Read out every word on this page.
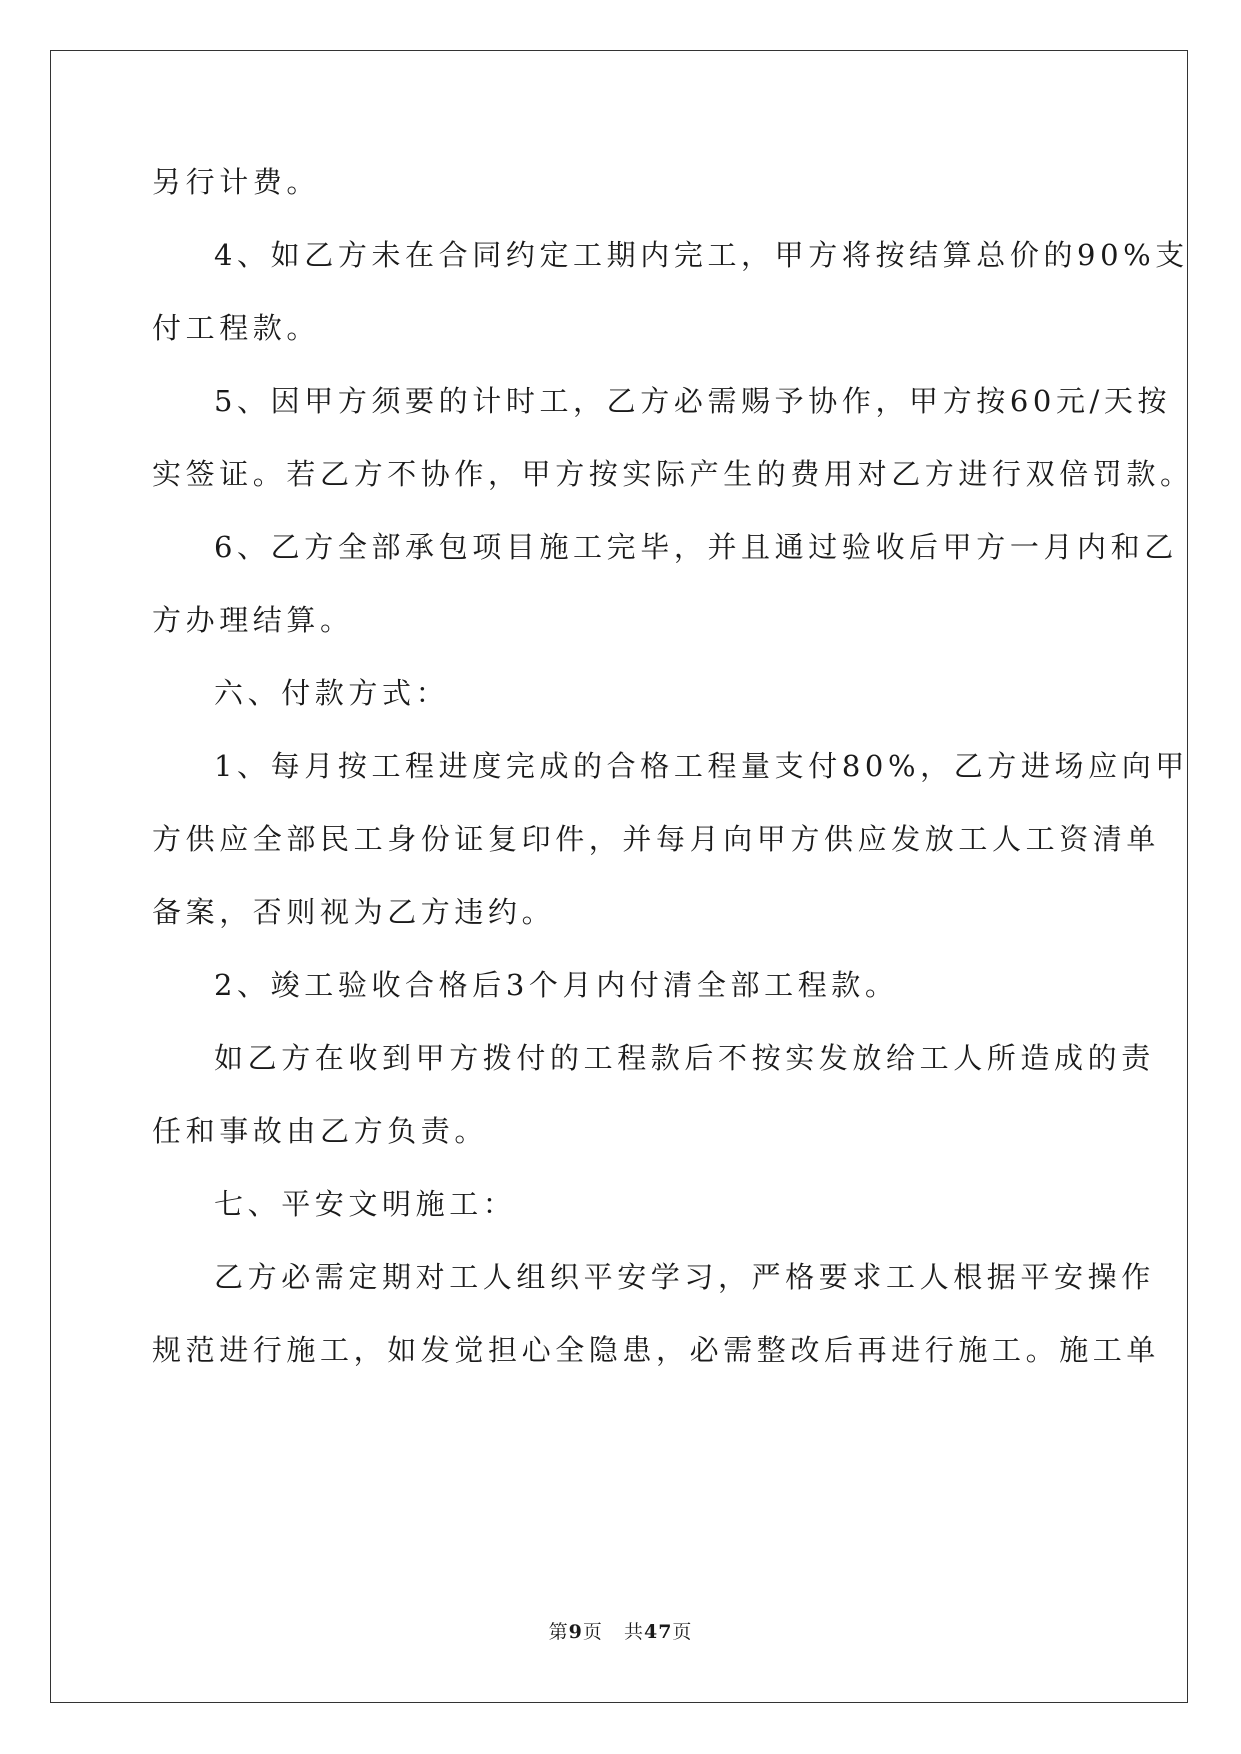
另行计费。
4、如乙方未在合同约定工期内完工，甲方将按结算总价的90%支
付工程款。
5、因甲方须要的计时工，乙方必需赐予协作，甲方按60元/天按
实签证。若乙方不协作，甲方按实际产生的费用对乙方进行双倍罚款。
6、乙方全部承包项目施工完毕，并且通过验收后甲方一月内和乙
方办理结算。
六、付款方式：
1、每月按工程进度完成的合格工程量支付80%，乙方进场应向甲
方供应全部民工身份证复印件，并每月向甲方供应发放工人工资清单
备案，否则视为乙方违约。
2、竣工验收合格后3个月内付清全部工程款。
如乙方在收到甲方拨付的工程款后不按实发放给工人所造成的责
任和事故由乙方负责。
七、平安文明施工：
乙方必需定期对工人组织平安学习，严格要求工人根据平安操作
规范进行施工，如发觉担心全隐患，必需整改后再进行施工。施工单
第9页 共47页
